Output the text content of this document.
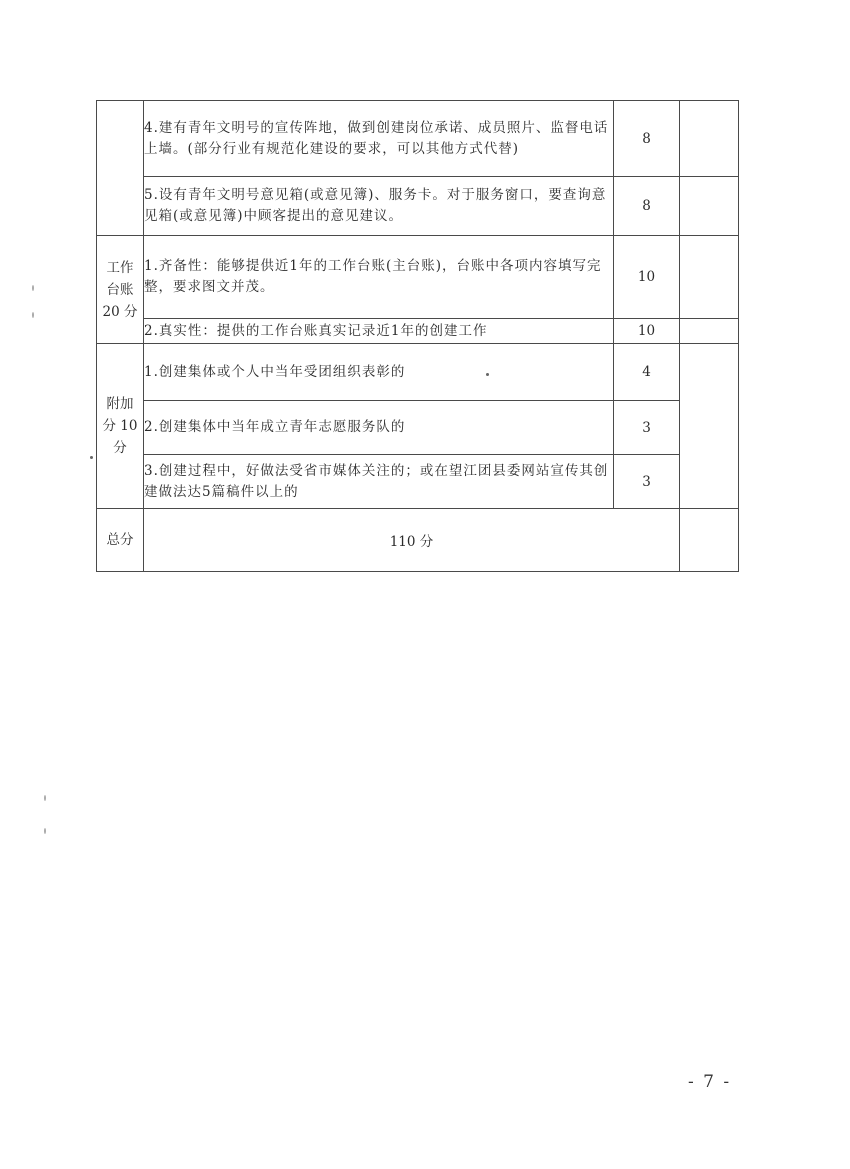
	4.建有青年文明号的宣传阵地，做到创建岗位承诺、成员照片、监督电话上墙。(部分行业有规范化建设的要求，可以其他方式代替)	8	
	5.设有青年文明号意见箱(或意见簿)、服务卡。对于服务窗口，要查询意见箱(或意见簿)中顾客提出的意见建议。	8	
工作
台账
20 分	1.齐备性：能够提供近1年的工作台账(主台账)，台账中各项内容填写完整，要求图文并茂。	10	
	2.真实性：提供的工作台账真实记录近1年的创建工作	10	
附加
分 10
分	1.创建集体或个人中当年受团组织表彰的	4	
	2.创建集体中当年成立青年志愿服务队的	3	
	3.创建过程中，好做法受省市媒体关注的；或在望江团县委网站宣传其创建做法达5篇稿件以上的	3	
总分	110 分		
- 7 -
